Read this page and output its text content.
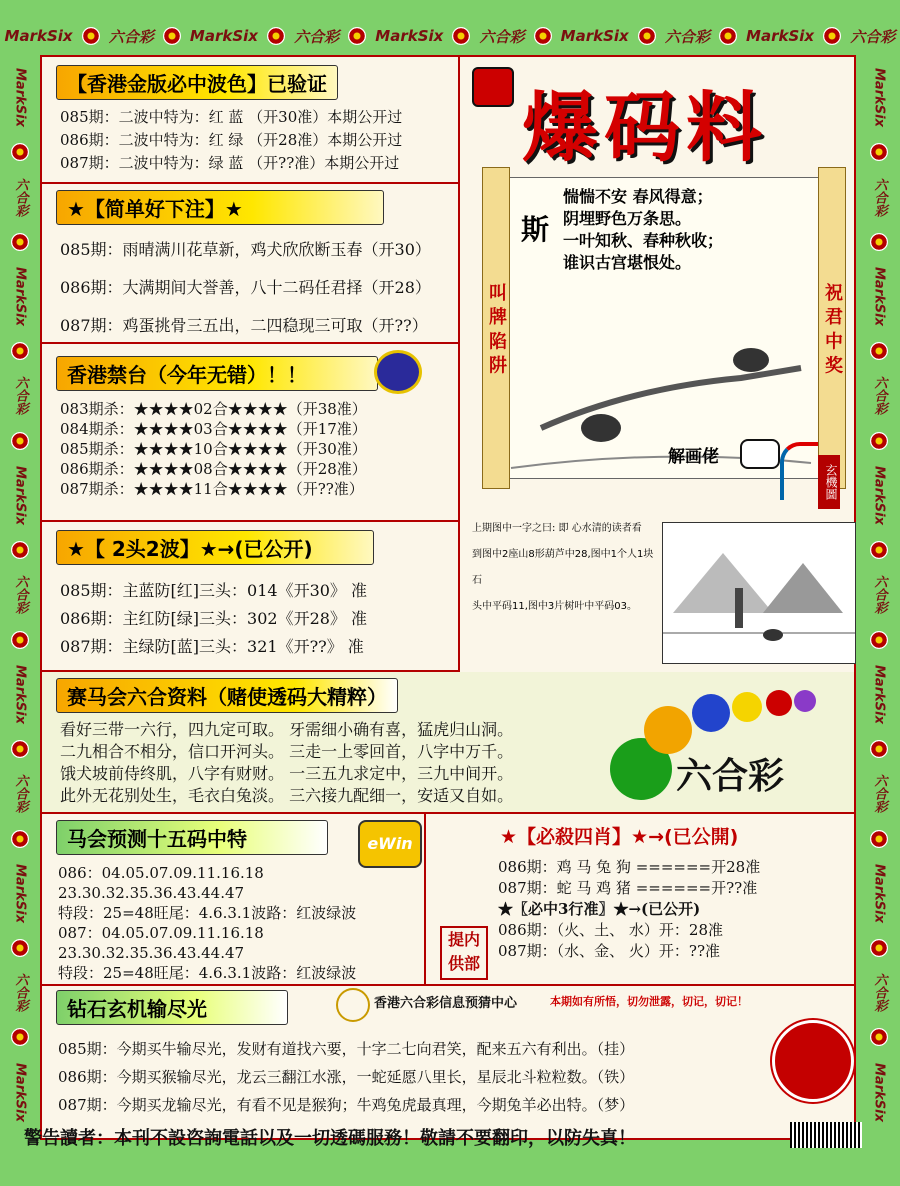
MarkSix 六合彩 MarkSix 六合彩 MarkSix 六合彩 MarkSix 六合彩 MarkSix 六合彩
MarkSix
六合彩
MarkSix
六合彩
MarkSix
六合彩
MarkSix
六合彩
MarkSix
六合彩
MarkSix
MarkSix
六合彩
MarkSix
六合彩
MarkSix
六合彩
MarkSix
六合彩
MarkSix
六合彩
MarkSix
【香港金版必中波色】已验证
085期：二波中特为：红 蓝 （开30准）本期公开过
086期：二波中特为：红 绿 （开28准）本期公开过
087期：二波中特为：绿 蓝 （开??准）本期公开过
★【简单好下注】★
085期：雨晴满川花草新，鸡犬欣欣断玉春（开30）
086期：大满期间大誉善，八十二码任君择（开28）
087期：鸡蛋挑骨三五出，二四稳现三可取（开??）
香港禁台（今年无错）！！
083期杀：★★★★02合★★★★（开38准）
084期杀：★★★★03合★★★★（开17准）
085期杀：★★★★10合★★★★（开30准）
086期杀：★★★★08合★★★★（开28准）
087期杀：★★★★11合★★★★（开??准）
★【 2头2波】★→(已公开)
085期：主蓝防[红]三头：014《开30》 准
086期：主红防[绿]三头：302《开28》 准
087期：主绿防[蓝]三头：321《开??》 准
爆码料
斯
惴惴不安 春风得意；
阴埋野色万条思。
一叶知秋、春种秋收；
谁识古宫堪恨处。
叫 牌 陷 阱	祝 君 中 奖
解画佬
玄機圖
上期图中一字之曰: 即 心水清的读者看
到图中2座山8形葫芦中28,图中1个人1块石
头中平码11,图中3片树叶中平码03。
赛马会六合资料（赌使透码大精粹）
看好三带一六行，四九定可取。 牙需细小确有喜，猛虎归山洞。
二九相合不相分，信口开河头。 三走一上零回首，八字中万千。
饿犬坡前侍终肌，八字有财财。 一三五九求定中，三九中间开。
此外无花别处生，毛衣白兔淡。 三六接九配细一，安适又自如。	六合彩
马会预测十五码中特	eWin
086：04.05.07.09.11.16.18
23.30.32.35.36.43.44.47
特段：25=48旺尾：4.6.3.1波路：红波绿波
087：04.05.07.09.11.16.18
23.30.32.35.36.43.44.47
特段：25=48旺尾：4.6.3.1波路：红波绿波
★【必殺四肖】★→(已公開)
086期：鸡 马 兔 狗 ======开28准
087期：蛇 马 鸡 猪 ======开??准
★〖必中3行准〗★→(已公开)
086期：（火、土、 水）开：28准
087期：（水、金、 火）开：??准
提内供部
钻石玄机输尽光	香港六合彩信息预猜中心	本期如有所悟，切勿泄露，切记，切记！
085期：今期买牛输尽光，发财有道找六要，十字二七向君笑，配来五六有利出。（挂）
086期：今期买猴输尽光，龙云三翻江水涨，一蛇延愿八里长，星辰北斗粒粒数。（铁）
087期：今期买龙输尽光，有看不见是猴狗；牛鸡兔虎最真理，今期兔羊必出特。（梦）
警告讀者：本刊不設咨詢電話以及一切透碼服務！敬請不要翻印，以防失真！
